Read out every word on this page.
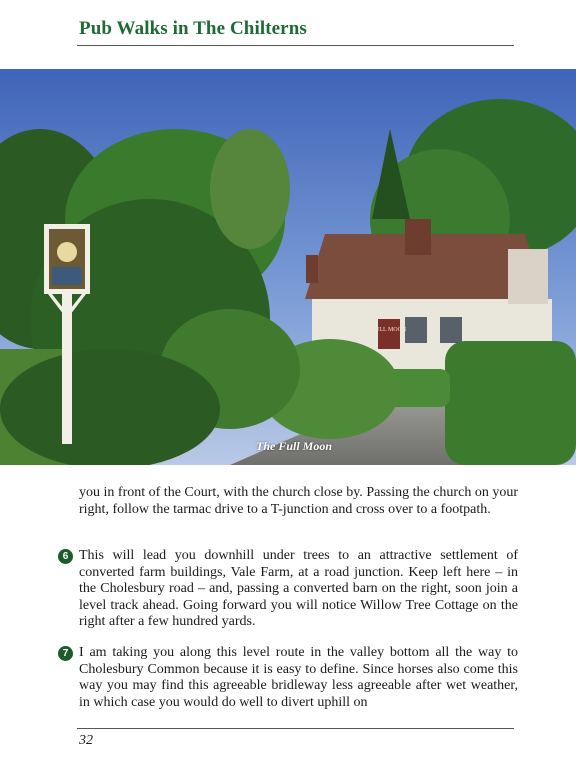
Pub Walks in The Chilterns
FULL MOON
The Full Moon
you in front of the Court, with the church close by. Passing the church on your right, follow the tarmac drive to a T-junction and cross over to a footpath.
6 This will lead you downhill under trees to an attractive settlement of converted farm buildings, Vale Farm, at a road junction. Keep left here – in the Cholesbury road – and, passing a converted barn on the right, soon join a level track ahead. Going forward you will notice Willow Tree Cottage on the right after a few hundred yards.
7 I am taking you along this level route in the valley bottom all the way to Cholesbury Common because it is easy to define. Since horses also come this way you may find this agreeable bridleway less agreeable after wet weather, in which case you would do well to divert uphill on
32
